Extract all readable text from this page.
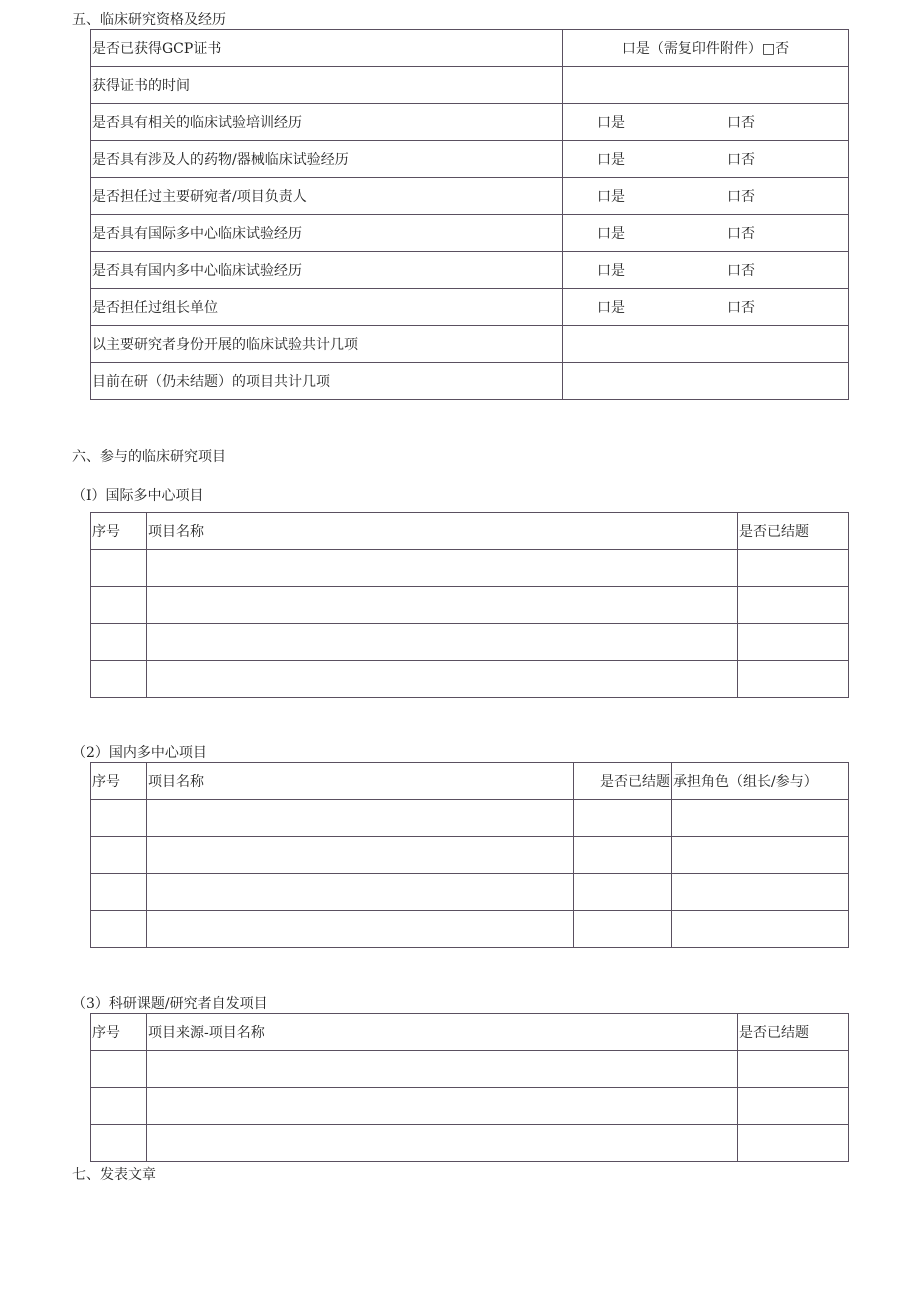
五、临床研究资格及经历
是否已获得GCP证书	口是（需复印件附件）□否
获得证书的时间	
是否具有相关的临床试验培训经历	口是 口否

是否具有涉及人的药物/器械临床试验经历	口是 口否

是否担任过主要研宛者/项目负责人	口是 口否

是否具有国际多中心临床试验经历	口是 口否

是否具有国内多中心临床试验经历	口是 口否

是否担任过组长单位	口是 口否

以主要研究者身份开展的临床试验共计几项	
目前在研（仍未结题）的项目共计几项	
六、参与的临床研究项目
（I）国际多中心项目
序号	项目名称	是否已结题

（2）国内多中心项目
序号	项目名称	是否已结题	承担角色（组长/参与）

（3）科研课题/研究者自发项目
序号	项目来源-项目名称	是否已结题

七、发表文章
